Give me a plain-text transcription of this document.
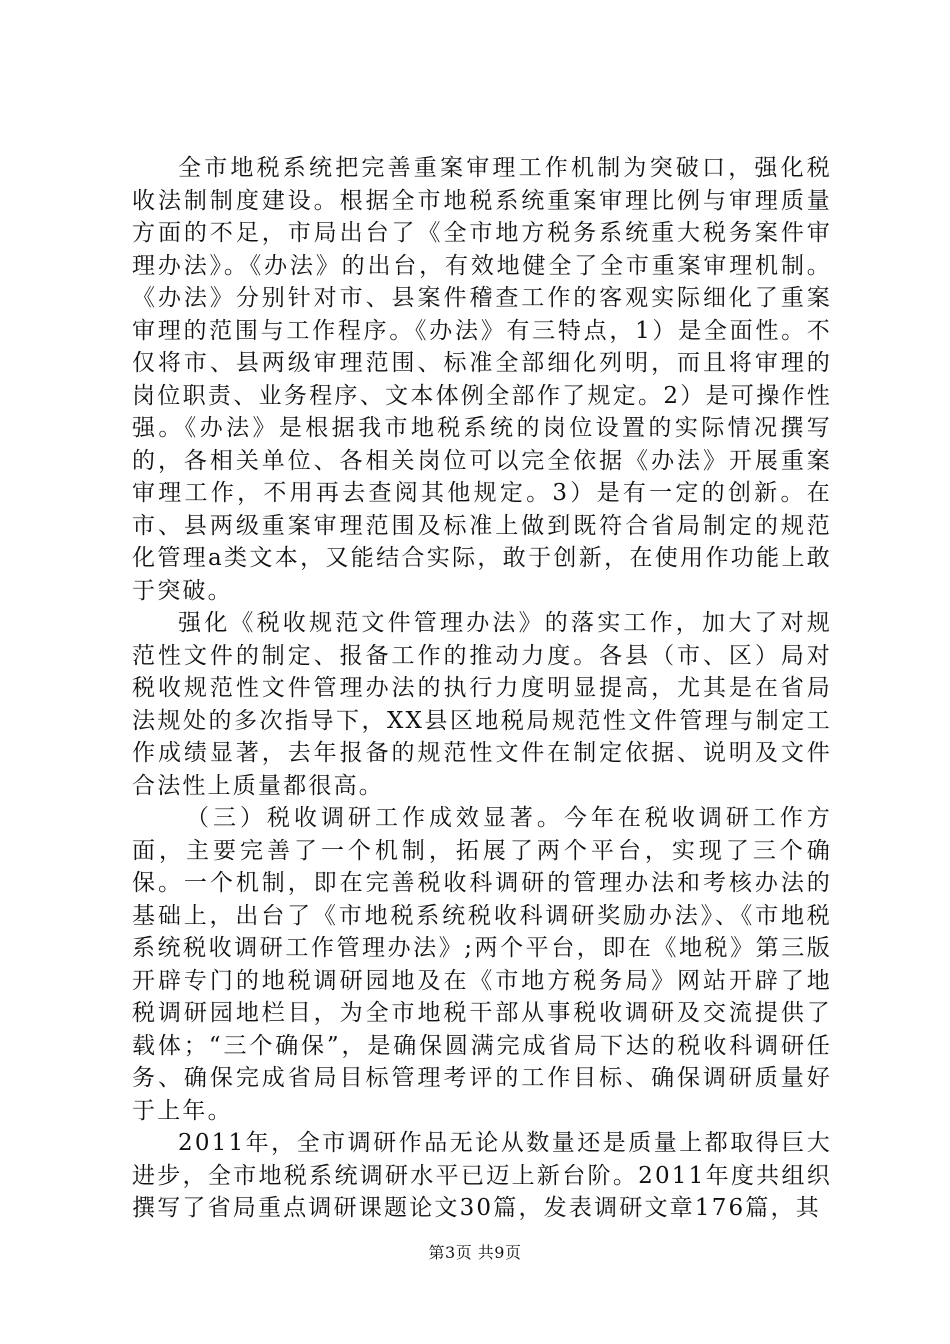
全市地税系统把完善重案审理工作机制为突破口，强化税收法制制度建设。根据全市地税系统重案审理比例与审理质量方面的不足，市局出台了《全市地方税务系统重大税务案件审理办法》。《办法》的出台，有效地健全了全市重案审理机制。《办法》分别针对市、县案件稽查工作的客观实际细化了重案审理的范围与工作程序。《办法》有三特点，1）是全面性。不仅将市、县两级审理范围、标准全部细化列明，而且将审理的岗位职责、业务程序、文本体例全部作了规定。2）是可操作性强。《办法》是根据我市地税系统的岗位设置的实际情况撰写的，各相关单位、各相关岗位可以完全依据《办法》开展重案审理工作，不用再去查阅其他规定。3）是有一定的创新。在市、县两级重案审理范围及标准上做到既符合省局制定的规范化管理a类文本，又能结合实际，敢于创新，在使用作功能上敢于突破。

强化《税收规范文件管理办法》的落实工作，加大了对规范性文件的制定、报备工作的推动力度。各县（市、区）局对税收规范性文件管理办法的执行力度明显提高，尤其是在省局法规处的多次指导下，XX县区地税局规范性文件管理与制定工作成绩显著，去年报备的规范性文件在制定依据、说明及文件合法性上质量都很高。

（三）税收调研工作成效显著。今年在税收调研工作方面，主要完善了一个机制，拓展了两个平台，实现了三个确保。一个机制，即在完善税收科调研的管理办法和考核办法的基础上，出台了《市地税系统税收科调研奖励办法》、《市地税系统税收调研工作管理办法》;两个平台，即在《地税》第三版开辟专门的地税调研园地及在《市地方税务局》网站开辟了地税调研园地栏目，为全市地税干部从事税收调研及交流提供了载体；“三个确保”，是确保圆满完成省局下达的税收科调研任务、确保完成省局目标管理考评的工作目标、确保调研质量好于上年。

2011年，全市调研作品无论从数量还是质量上都取得巨大进步，全市地税系统调研水平已迈上新台阶。2011年度共组织撰写了省局重点调研课题论文30篇，发表调研文章176篇，其

第3页 共9页
